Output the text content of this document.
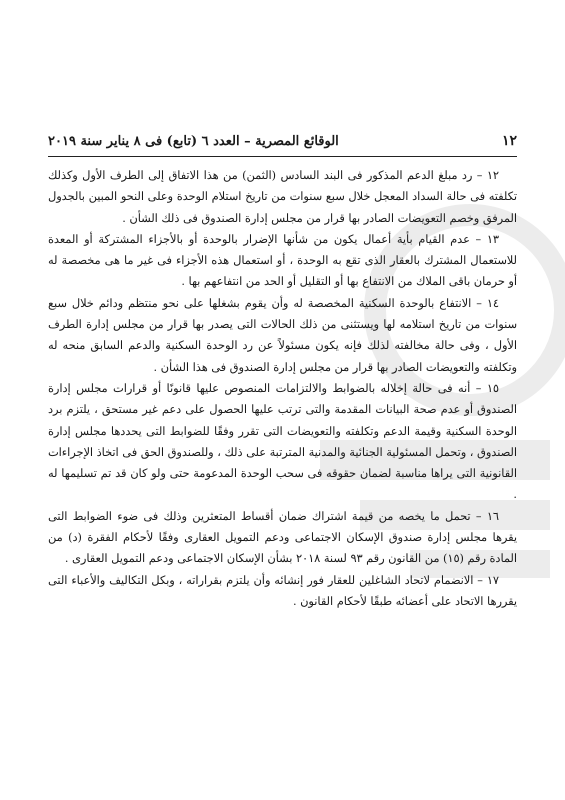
١٢
الوقائع المصرية – العدد ٦ (تابع) فى ٨ يناير سنة ٢٠١٩

١٢ – رد مبلغ الدعم المذكور فى البند السادس (الثمن) من هذا الاتفاق إلى الطرف الأول وكذلك تكلفته فى حالة السداد المعجل خلال سبع سنوات من تاريخ استلام الوحدة وعلى النحو المبين بالجدول المرفق وخصم التعويضات الصادر بها قرار من مجلس إدارة الصندوق فى ذلك الشأن .

١٣ – عدم القيام بأية أعمال يكون من شأنها الإضرار بالوحدة أو بالأجزاء المشتركة أو المعدة للاستعمال المشترك بالعقار الذى تقع به الوحدة ، أو استعمال هذه الأجزاء فى غير ما هى مخصصة له أو حرمان باقى الملاك من الانتفاع بها أو التقليل أو الحد من انتفاعهم بها .

١٤ – الانتفاع بالوحدة السكنية المخصصة له وأن يقوم بشغلها على نحو منتظم ودائم خلال سبع سنوات من تاريخ استلامه لها ويستثنى من ذلك الحالات التى يصدر بها قرار من مجلس إدارة الطرف الأول ، وفى حالة مخالفته لذلك فإنه يكون مسئولاً عن رد الوحدة السكنية والدعم السابق منحه له وتكلفته والتعويضات الصادر بها قرار من مجلس إدارة الصندوق فى هذا الشأن .

١٥ – أنه فى حالة إخلاله بالضوابط والالتزامات المنصوص عليها قانونًا أو قرارات مجلس إدارة الصندوق أو عدم صحة البيانات المقدمة والتى ترتب عليها الحصول على دعم غير مستحق ، يلتزم برد الوحدة السكنية وقيمة الدعم وتكلفته والتعويضات التى تقرر وفقًا للضوابط التى يحددها مجلس إدارة الصندوق ، وتحمل المسئولية الجنائية والمدنية المترتبة على ذلك ، وللصندوق الحق فى اتخاذ الإجراءات القانونية التى يراها مناسبة لضمان حقوقه فى سحب الوحدة المدعومة حتى ولو كان قد تم تسليمها له .

١٦ – تحمل ما يخصه من قيمة اشتراك ضمان أقساط المتعثرين وذلك فى ضوء الضوابط التى يقرها مجلس إدارة صندوق الإسكان الاجتماعى ودعم التمويل العقارى وفقًا لأحكام الفقرة (د) من المادة رقم (١٥) من القانون رقم ٩٣ لسنة ٢٠١٨ بشأن الإسكان الاجتماعى ودعم التمويل العقارى .

١٧ – الانضمام لاتحاد الشاغلين للعقار فور إنشائه وأن يلتزم بقراراته ، وبكل التكاليف والأعباء التى يقررها الاتحاد على أعضائه طبقًا لأحكام القانون .
